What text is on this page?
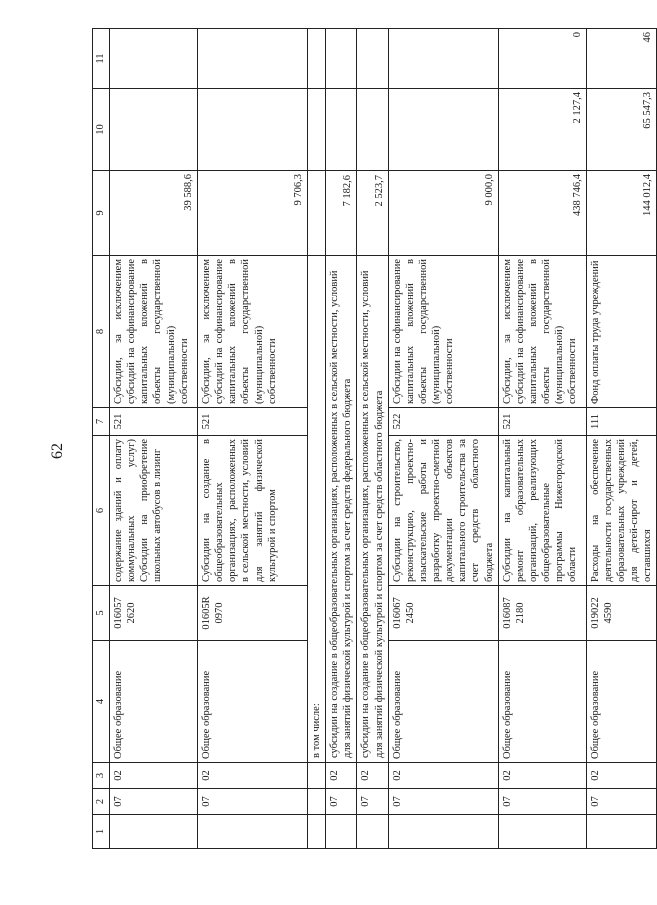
62
1	2	3	4	5	6	7	8	9	10	11
	07	02	Общее образование	016057 2620	содержание зданий и оплату коммунальных услуг) Субсидии на приобретение школьных автобусов в лизинг	521	Субсидии, за исключением субсидий на софинансирование капитальных вложений в объекты государственной (муниципальной) собственности	39 588,6		
	07	02	Общее образование	01605R 0970	Субсидии на создание в общеобразовательных организациях, расположенных в сельской местности, условий для занятий физической культурой и спортом	521	Субсидии, за исключением субсидий на софинансирование капитальных вложений в объекты государственной (муниципальной) собственности	9 706,3		
			в том числе:							
	07	02	субсидии на создание в общеобразовательных организациях, расположенных в сельской местности, условий для занятий физической культурой и спортом за счет средств федерального бюджета					7 182,6		
	07	02	субсидии на создание в общеобразовательных организациях, расположенных в сельской местности, условий для занятий физической культурой и спортом за счет средств областного бюджета					2 523,7		
	07	02	Общее образование	016067 2450	Субсидии на строительство, реконструкцию, проектно-изыскательские работы и разработку проектно-сметной документации объектов капитального строительства за счет средств областного бюджета	522	Субсидии на софинансирование капитальных вложений в объекты государственной (муниципальной) собственности	9 000,0		
	07	02	Общее образование	016087 2180	Субсидии на капитальный ремонт образовательных организаций, реализующих общеобразовательные программы Нижегородской области	521	Субсидии, за исключением субсидий на софинансирование капитальных вложений в объекты государственной (муниципальной) собственности	438 746,4	2 127,4	0
	07	02	Общее образование	019022 4590	Расходы на обеспечение деятельности государственных образовательных учреждений для детей-сирот и детей, оставшихся	111	Фонд оплаты труда учреждений	144 012,4	65 547,3	46
